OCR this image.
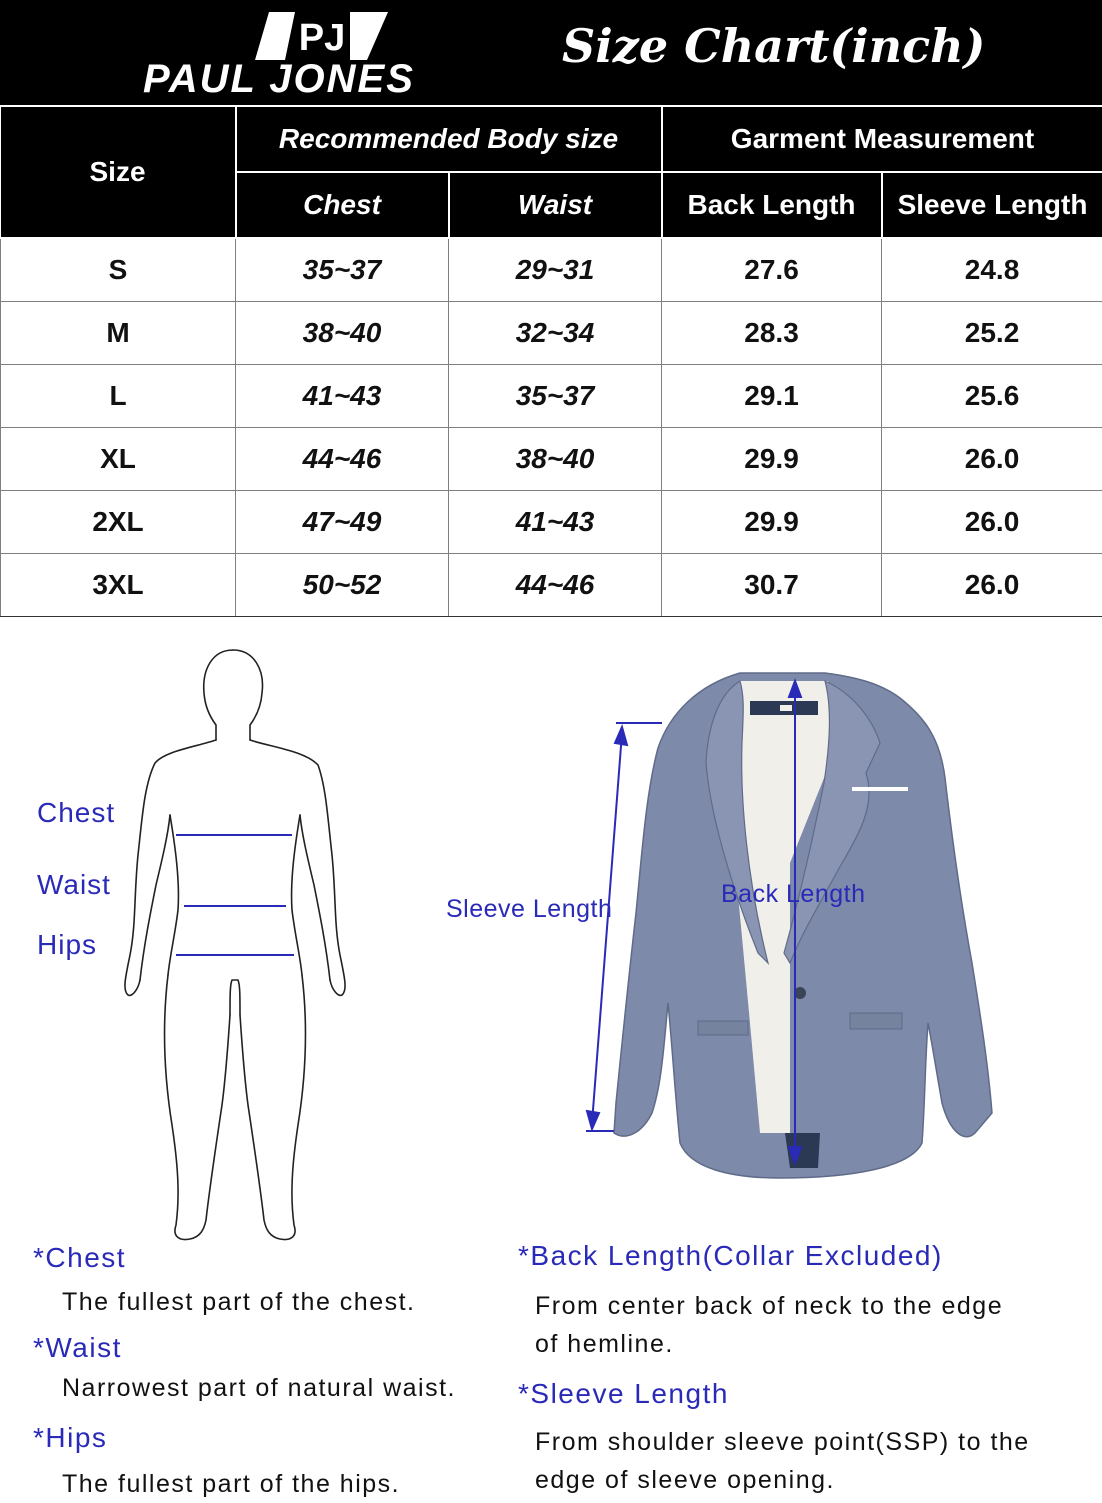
PJ
PAUL JONES
Size Chart(inch)
Size	Recommended Body size		Garment Measurement	
	Chest	Waist	Back Length	Sleeve Length
S	35~37	29~31	27.6	24.8
M	38~40	32~34	28.3	25.2
L	41~43	35~37	29.1	25.6
XL	44~46	38~40	29.9	26.0
2XL	47~49	41~43	29.9	26.0
3XL	50~52	44~46	30.7	26.0
Chest
Waist
Hips
Sleeve Length
Back Length
*Chest
The fullest part of the chest.
*Waist
Narrowest part of natural waist.
*Hips
The fullest part of the hips.
*Back Length(Collar Excluded)
From center back of neck to the edge
of hemline.
*Sleeve Length
From shoulder sleeve point(SSP) to the
edge of sleeve opening.
